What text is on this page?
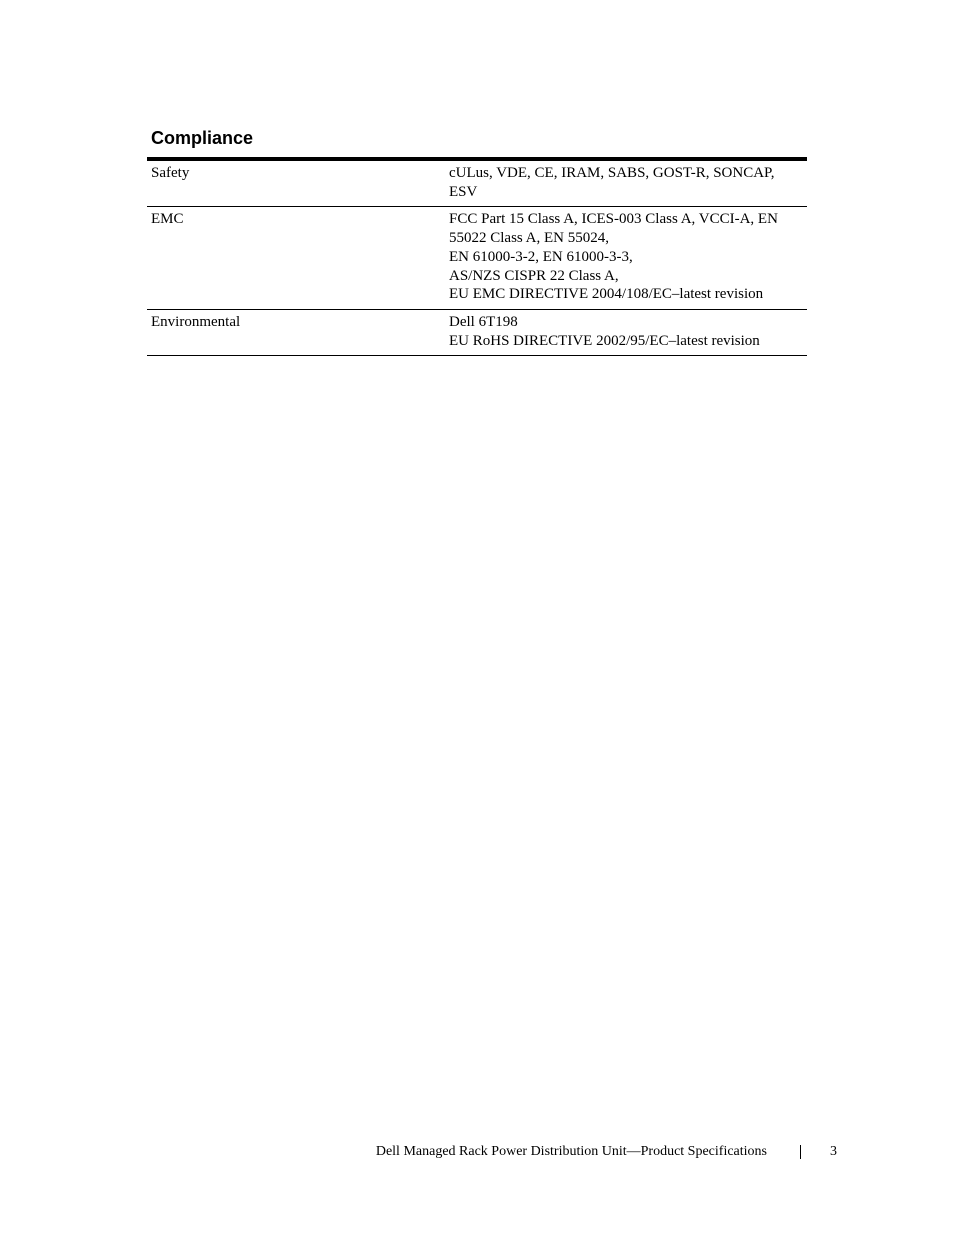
Compliance
Safety	cULus, VDE, CE, IRAM, SABS, GOST-R, SONCAP, ESV

EMC	FCC Part 15 Class A, ICES-003 Class A, VCCI-A, EN 55022 Class A, EN 55024,
EN 61000-3-2, EN 61000-3-3,
AS/NZS CISPR 22 Class A,
EU EMC DIRECTIVE 2004/108/EC–latest revision

Environmental	Dell 6T198
EU RoHS DIRECTIVE 2002/95/EC–latest revision
Dell Managed Rack Power Distribution Unit—Product Specifications	3
